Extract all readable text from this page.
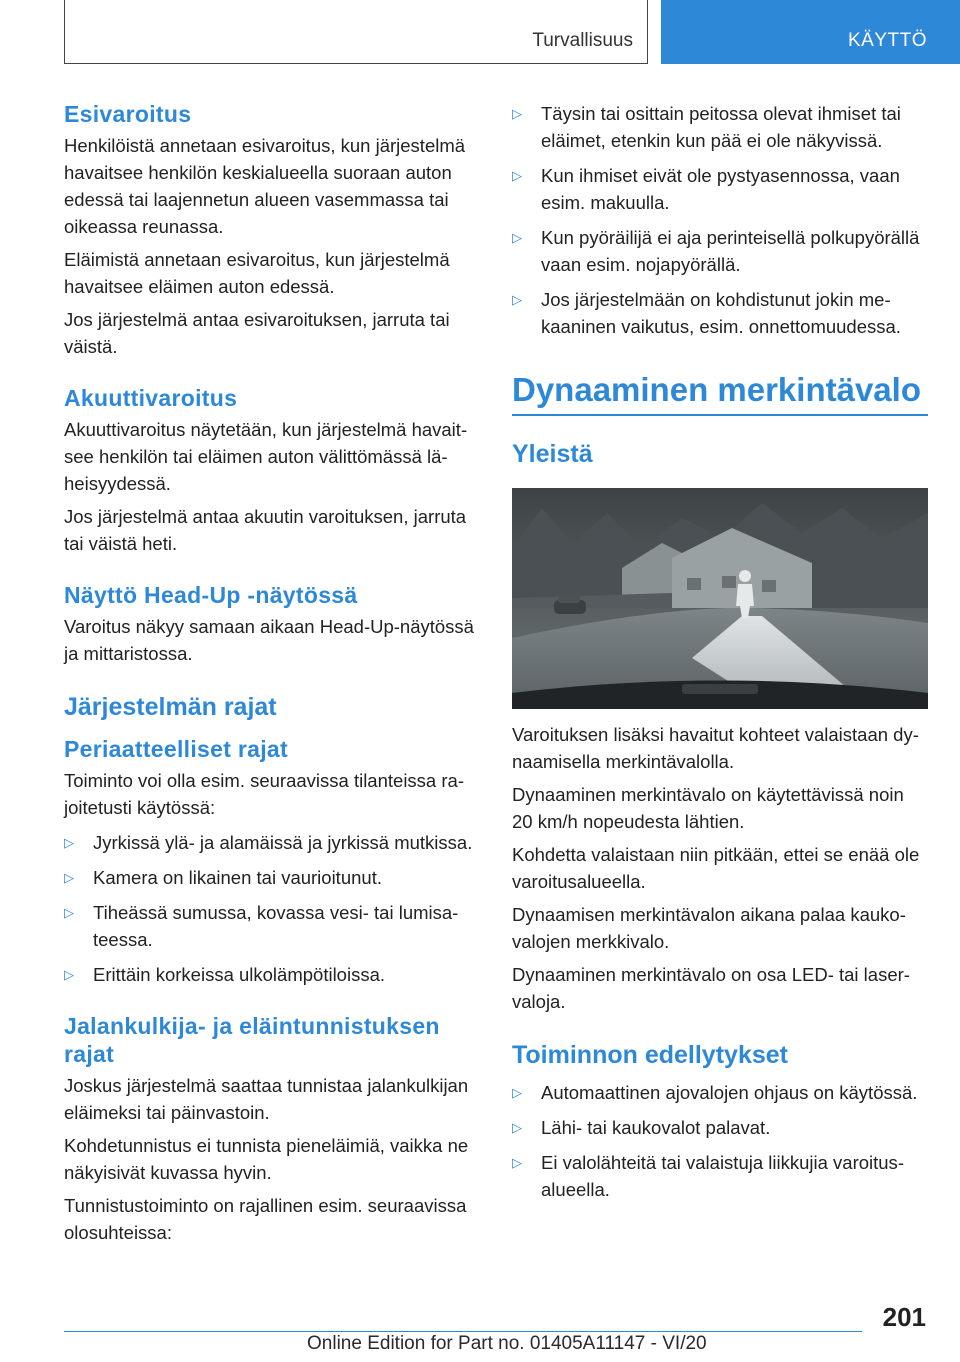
Turvallisuus	KÄYTTÖ
Esivaroitus

Henkilöistä annetaan esivaroitus, kun järjestelmä havaitsee henkilön keskialueella suoraan auton edessä tai laajennetun alueen vasemmassa tai oikeassa reunassa.

Eläimistä annetaan esivaroitus, kun järjestelmä havaitsee eläimen auton edessä.

Jos järjestelmä antaa esivaroituksen, jarruta tai väistä.

Akuuttivaroitus

Akuuttivaroitus näytetään, kun järjestelmä havaitsee henkilön tai eläimen auton välittömässä läheisyydessä.

Jos järjestelmä antaa akuutin varoituksen, jarruta tai väistä heti.

Näyttö Head-Up -näytössä

Varoitus näkyy samaan aikaan Head-Up-näytössä ja mittaristossa.

Järjestelmän rajat
Periaatteelliset rajat

Toiminto voi olla esim. seuraavissa tilanteissa rajoitetusti käytössä:

▷ Jyrkissä ylä- ja alamäissä ja jyrkissä mutkissa.
▷ Kamera on likainen tai vaurioitunut.
▷ Tiheässä sumussa, kovassa vesi- tai lumisateessa.
▷ Erittäin korkeissa ulkolämpötiloissa.
Jalankulkija- ja eläintunnistuksen rajat

Joskus järjestelmä saattaa tunnistaa jalankulkijan eläimeksi tai päinvastoin.

Kohdetunnistus ei tunnista pieneläimiä, vaikka ne näkyisivät kuvassa hyvin.

Tunnistustoiminto on rajallinen esim. seuraavissa olosuhteissa:

▷ Täysin tai osittain peitossa olevat ihmiset tai eläimet, etenkin kun pää ei ole näkyvissä.
▷ Kun ihmiset eivät ole pystyasennossa, vaan esim. makuulla.
▷ Kun pyöräilijä ei aja perinteisellä polkupyörällä vaan esim. nojapyörällä.
▷ Jos järjestelmään on kohdistunut jokin mekaaninen vaikutus, esim. onnettomuudessa.
Dynaaminen merkintävalo
Yleistä

Varoituksen lisäksi havaitut kohteet valaistaan dynaamisella merkintävalolla.

Dynaaminen merkintävalo on käytettävissä noin 20 km/h nopeudesta lähtien.

Kohdetta valaistaan niin pitkään, ettei se enää ole varoitusalueella.

Dynaamisen merkintävalon aikana palaa kaukovalojen merkkivalo.

Dynaaminen merkintävalo on osa LED- tai laservaloja.

Toiminnon edellytykset
▷ Automaattinen ajovalojen ohjaus on käytössä.
▷ Lähi- tai kaukovalot palavat.
▷ Ei valolähteitä tai valaistuja liikkujia varoitusalueella.
201
Online Edition for Part no. 01405A11147 - VI/20
